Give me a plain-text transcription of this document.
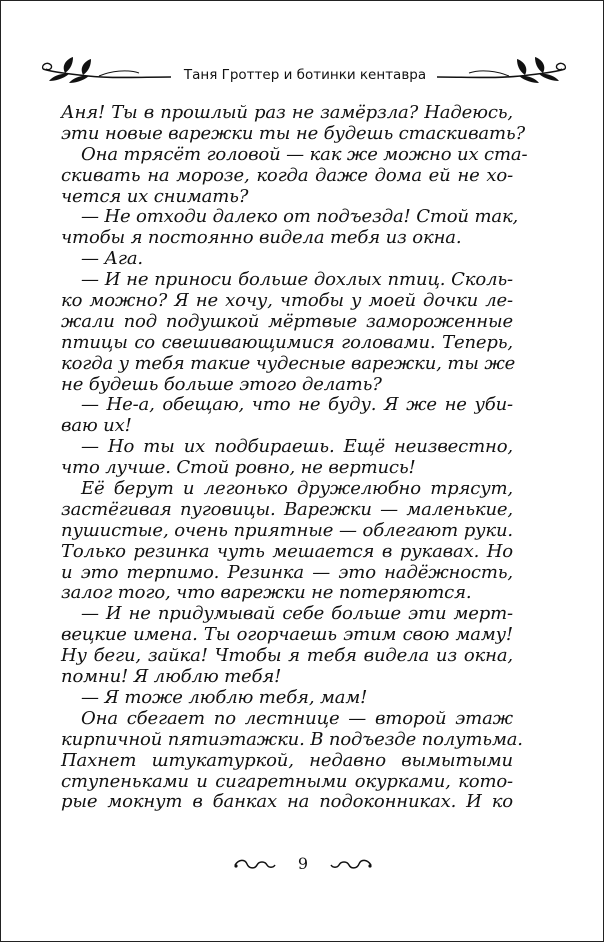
Таня Гроттер и ботинки кентавра
Аня! Ты в прошлый раз не замёрзла? Надеюсь,
эти новые варежки ты не будешь стаскивать?
Она трясёт головой — как же можно их ста-
скивать на морозе, когда даже дома ей не хо-
чется их снимать?
— Не отходи далеко от подъезда! Стой так,
чтобы я постоянно видела тебя из окна.
— Ага.
— И не приноси больше дохлых птиц. Сколь-
ко можно? Я не хочу, чтобы у моей дочки ле-
жали под подушкой мёртвые замороженные
птицы со свешивающимися головами. Теперь,
когда у тебя такие чудесные варежки, ты же
не будешь больше этого делать?
— Не-а, обещаю, что не буду. Я же не уби-
ваю их!
— Но ты их подбираешь. Ещё неизвестно,
что лучше. Стой ровно, не вертись!
Её берут и легонько дружелюбно трясут,
застёгивая пуговицы. Варежки — маленькие,
пушистые, очень приятные — облегают руки.
Только резинка чуть мешается в рукавах. Но
и это терпимо. Резинка — это надёжность,
залог того, что варежки не потеряются.
— И не придумывай себе больше эти мерт-
вецкие имена. Ты огорчаешь этим свою маму!
Ну беги, зайка! Чтобы я тебя видела из окна,
помни! Я люблю тебя!
— Я тоже люблю тебя, мам!
Она сбегает по лестнице — второй этаж
кирпичной пятиэтажки. В подъезде полутьма.
Пахнет штукатуркой, недавно вымытыми
ступеньками и сигаретными окурками, кото-
рые мокнут в банках на подоконниках. И ко
9
